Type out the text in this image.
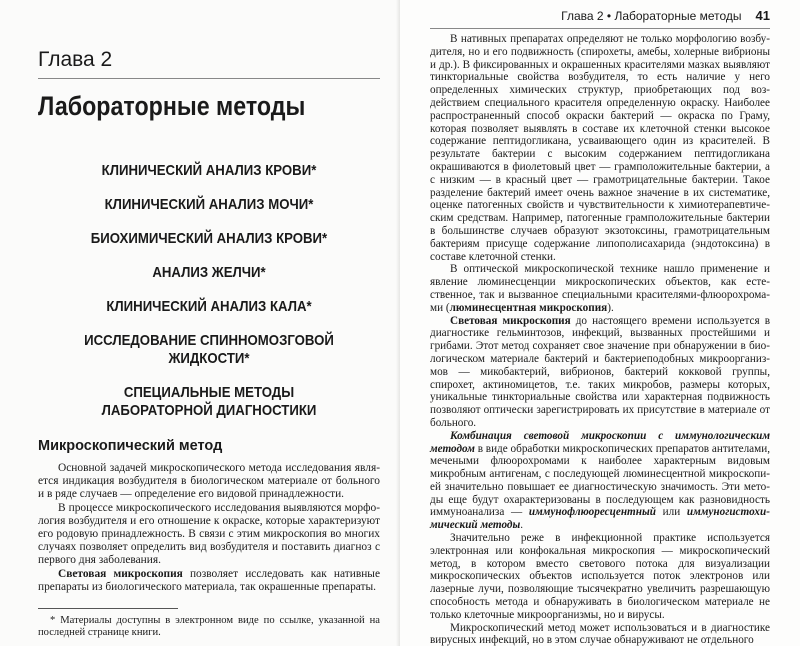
Глава 2
Лабораторные методы
КЛИНИЧЕСКИЙ АНАЛИЗ КРОВИ*
КЛИНИЧЕСКИЙ АНАЛИЗ МОЧИ*
БИОХИМИЧЕСКИЙ АНАЛИЗ КРОВИ*
АНАЛИЗ ЖЕЛЧИ*
КЛИНИЧЕСКИЙ АНАЛИЗ КАЛА*
ИССЛЕДОВАНИЕ СПИННОМОЗГОВОЙ ЖИДКОСТИ*
СПЕЦИАЛЬНЫЕ МЕТОДЫ
ЛАБОРАТОРНОЙ ДИАГНОСТИКИ
Микроскопический метод

Основной задачей микроскопического метода исследования является индикация возбудителя в биологическом материале от больного и в ряде случаев — определение его видовой принадлежности.

В процессе микроскопического исследования выявляются морфология возбудителя и его отношение к окраске, которые характеризуют его родовую принадлежность. В связи с этим микроскопия во многих случаях позволяет определить вид возбудителя и поставить диагноз с первого дня заболевания.

Световая микроскопия позволяет исследовать как нативные препараты из биологического материала, так окрашенные препараты.

* Материалы доступны в электронном виде по ссылке, указанной на последней странице книги.

Глава 2 • Лабораторные методы	41

В нативных препаратах определяют не только морфологию возбудителя, но и его подвижность (спирохеты, амебы, холерные вибрионы и др.). В фиксированных и окрашенных красителями мазках выявляют тинкториальные свойства возбудителя, то есть наличие у него определенных химических структур, приобретающих под воздействием специального красителя определенную окраску. Наиболее распространенный способ окраски бактерий — окраска по Граму, которая позволяет выявлять в составе их клеточной стенки высокое содержание пептидогликана, усваивающего один из красителей. В результате бактерии с высоким содержанием пептидогликана окрашиваются в фиолетовый цвет — грамположительные бактерии, а с низким — в красный цвет — грамотрицательные бактерии. Такое разделение бактерий имеет очень важное значение в их систематике, оценке патогенных свойств и чувствительности к химиотерапевтическим средствам. Например, патогенные грамположительные бактерии в большинстве случаев образуют экзотоксины, грамотрицательным бактериям присуще содержание липополисахарида (эндотоксина) в составе клеточной стенки.

В оптической микроскопической технике нашло применение и явление люминесценции микроскопических объектов, как естественное, так и вызванное специальными красителями-флюорохромами (люминесцентная микроскопия).

Световая микроскопия до настоящего времени используется в диагностике гельминтозов, инфекций, вызванных простейшими и грибами. Этот метод сохраняет свое значение при обнаружении в биологическом материале бактерий и бактериеподобных микроорганизмов — микобактерий, вибрионов, бактерий кокковой группы, спирохет, актиномицетов, т.е. таких микробов, размеры которых, уникальные тинкториальные свойства или характерная подвижность позволяют оптически зарегистрировать их присутствие в материале от больного.

Комбинация световой микроскопии с иммунологическим методом в виде обработки микроскопических препаратов антителами, мечеными флюорохромами к наиболее характерным видовым микробным антигенам, с последующей люминесцентной микроскопией значительно повышает ее диагностическую значимость. Эти методы еще будут охарактеризованы в последующем как разновидность иммуноанализа — иммунофлюоресцентный или иммуногистохимический методы.

Значительно реже в инфекционной практике используется электронная или конфокальная микроскопия — микроскопический метод, в котором вместо светового потока для визуализации микроскопических объектов используется поток электронов или лазерные лучи, позволяющие тысячекратно увеличить разрешающую способность метода и обнаруживать в биологическом материале не только клеточные микроорганизмы, но и вирусы.

Микроскопический метод может использоваться и в диагностике вирусных инфекций, но в этом случае обнаруживают не отдельного
